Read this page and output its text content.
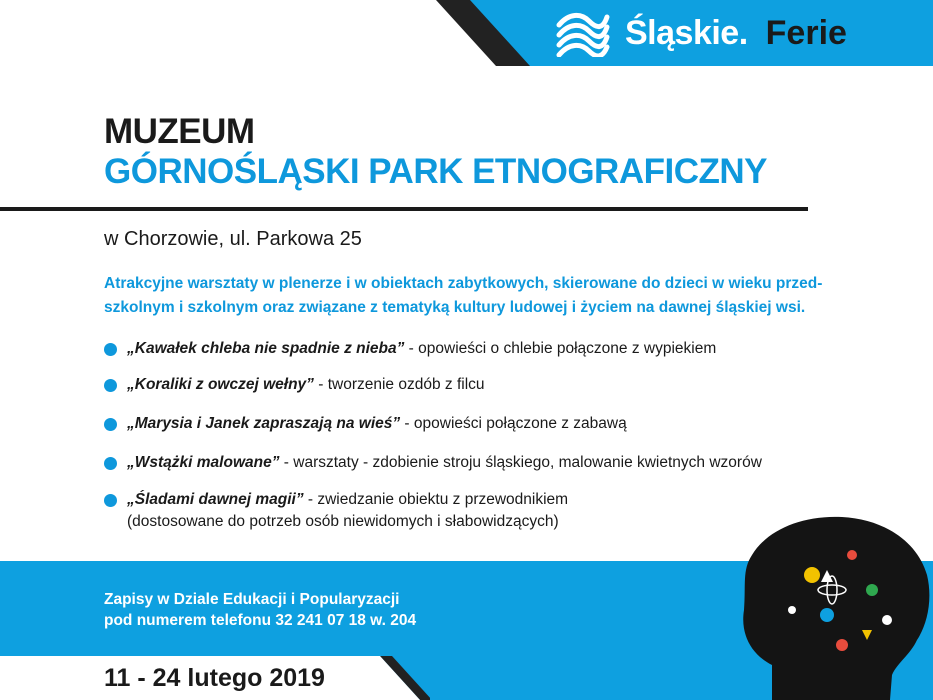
Śląskie. Ferie
MUZEUM
GÓRNOŚLĄSKI PARK ETNOGRAFICZNY
w Chorzowie, ul. Parkowa 25
Atrakcyjne warsztaty w plenerze i w obiektach zabytkowych, skierowane do dzieci w wieku przed-szkolnym i szkolnym oraz związane z tematyką kultury ludowej i życiem na dawnej śląskiej wsi.
„Kawałek chleba nie spadnie z nieba” - opowieści o chlebie połączone z wypiekiem
„Koraliki z owczej wełny” - tworzenie ozdób z filcu
„Marysia i Janek zapraszają na wieś” - opowieści połączone z zabawą
„Wstążki malowane” - warsztaty - zdobienie stroju śląskiego, malowanie kwietnych wzorów
„Śladami dawnej magii” - zwiedzanie obiektu z przewodnikiem
(dostosowane do potrzeb osób niewidomych i słabowidzących)
Zapisy w Dziale Edukacji i Popularyzacji
pod numerem telefonu 32 241 07 18 w. 204
11 - 24 lutego 2019
